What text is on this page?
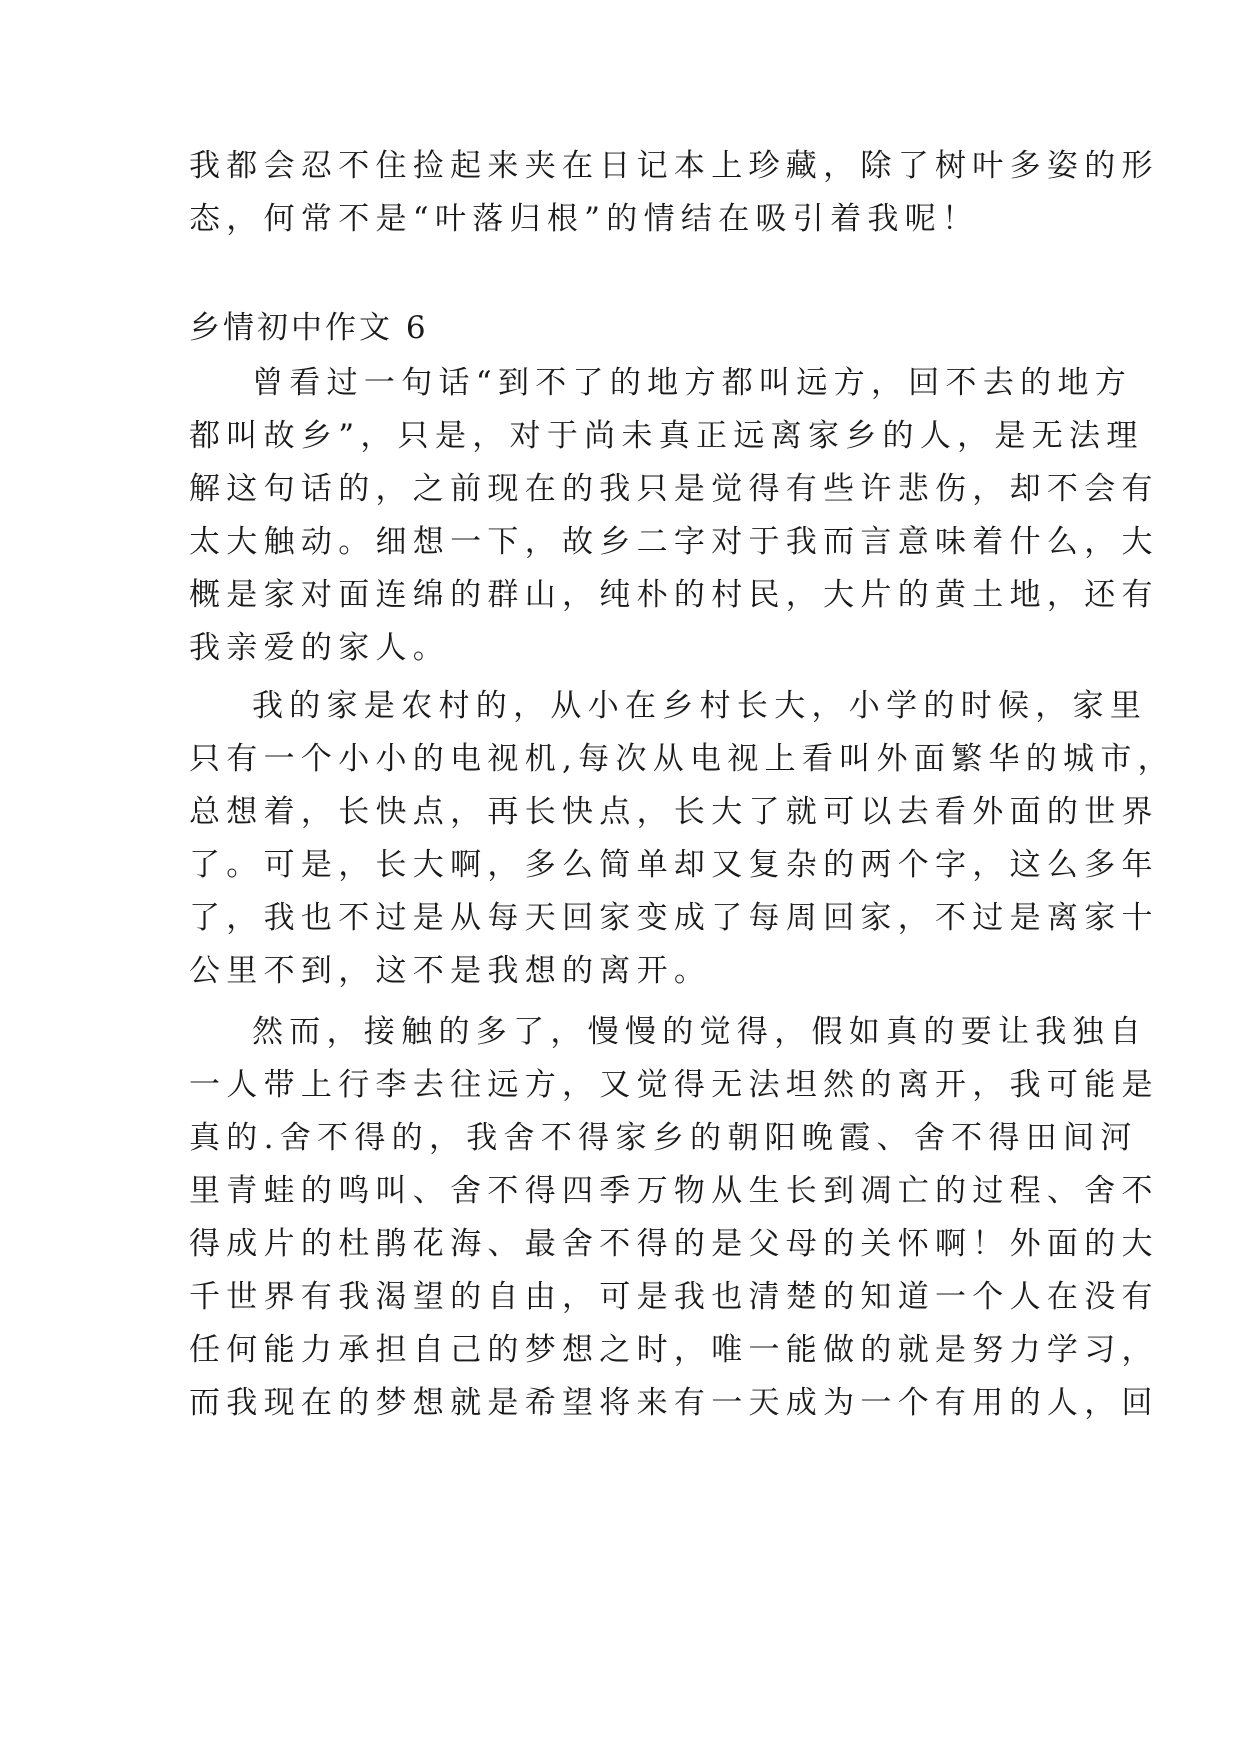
我都会忍不住捡起来夹在日记本上珍藏，除了树叶多姿的形
态，何常不是“叶落归根”的情结在吸引着我呢！
乡情初中作文 6
曾看过一句话“到不了的地方都叫远方，回不去的地方
都叫故乡”，只是，对于尚未真正远离家乡的人，是无法理
解这句话的，之前现在的我只是觉得有些许悲伤，却不会有
太大触动。细想一下，故乡二字对于我而言意味着什么，大
概是家对面连绵的群山，纯朴的村民，大片的黄土地，还有
我亲爱的家人。
我的家是农村的，从小在乡村长大，小学的时候，家里
只有一个小小的电视机,每次从电视上看叫外面繁华的城市，
总想着，长快点，再长快点，长大了就可以去看外面的世界
了。可是，长大啊，多么简单却又复杂的两个字，这么多年
了，我也不过是从每天回家变成了每周回家，不过是离家十
公里不到，这不是我想的离开。
然而，接触的多了，慢慢的觉得，假如真的要让我独自
一人带上行李去往远方，又觉得无法坦然的离开，我可能是
真的.舍不得的，我舍不得家乡的朝阳晚霞、舍不得田间河
里青蛙的鸣叫、舍不得四季万物从生长到凋亡的过程、舍不
得成片的杜鹃花海、最舍不得的是父母的关怀啊！外面的大
千世界有我渴望的自由，可是我也清楚的知道一个人在没有
任何能力承担自己的梦想之时，唯一能做的就是努力学习，
而我现在的梦想就是希望将来有一天成为一个有用的人，回
